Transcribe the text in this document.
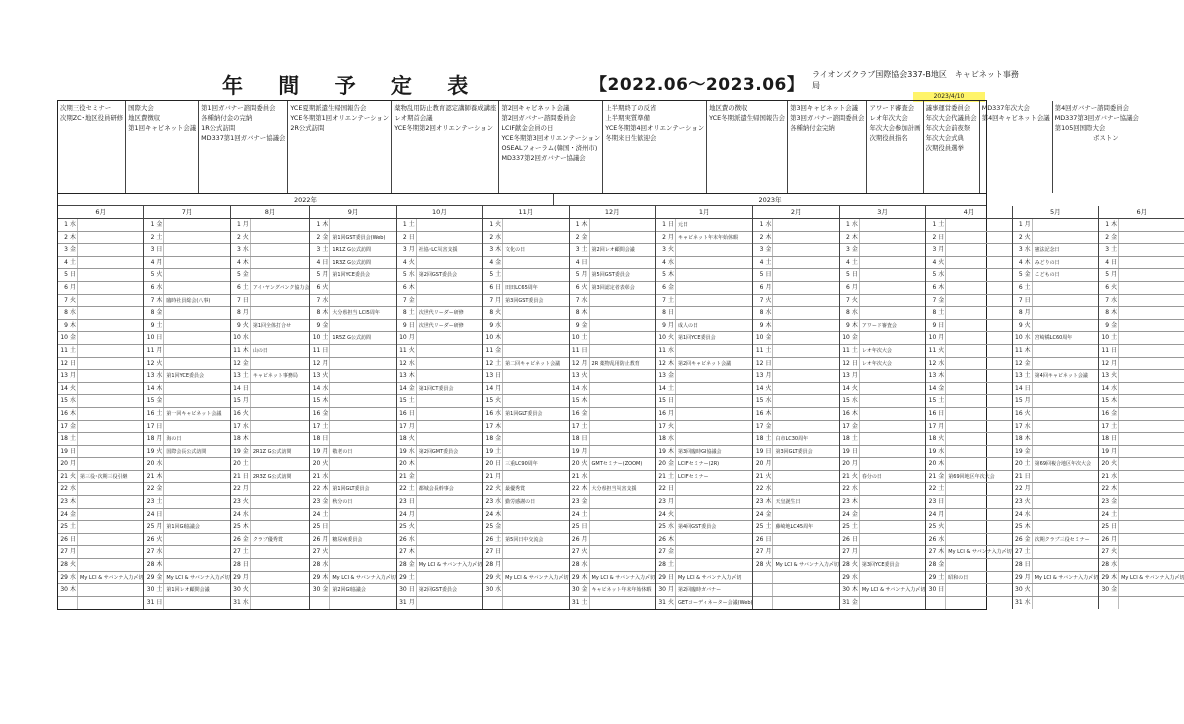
年 間 予 定 表	【2022.06～2023.06】
ライオンズクラブ国際協会337-B地区　キャビネット事務局
2023/4/10
次期三役セミナー
次期ZC･地区役員研修
国際大会
地区費徴収
第1回キャビネット会議
第1回ガバナー諮問委員会
各種納付金の完納
1R公式訪問
MD337第1回ガバナー協議会
YCE夏期派遣生帰国報告会
YCE冬期第1回オリエンテーション
2R公式訪問
薬物乱用防止教育認定講師養成講座
レオ期首会議
YCE冬期第2回オリエンテーション
第2回キャビネット会議
第2回ガバナー諮問委員会
LCIF献金会員の日
YCE冬期第3回オリエンテーション
OSEALフォーラム(韓国・済州市)
MD337第2回ガバナー協議会
上半期終了の反省
上半期実質準備
YCE冬期第4回オリエンテーション
冬期来日生歓迎会
地区費の徴収
YCE冬期派遣生帰国報告会
第3回キャビネット会議
第3回ガバナー諮問委員会
各種納付金完納
アワード審査会
レオ年次大会
年次大会参加計画
次期役員指名
議事運営委員会
年次大会代議員会
年次大会前夜祭
年次大会式典
次期役員選挙
MD337年次大会
第4回キャビネット会議
第4回ガバナー諮問委員会
MD337第3回ガバナー協議会
第105回国際大会
　　　　　　ボストン
2022年	2023年
6月
1 水
2 木
3 金
4 土
5 日
6 月
7 火
8 水
9 木
10 金
11 土
12 日
13 月
14 火
15 水
16 木
17 金
18 土
19 日
20 月
21 火 第三役･次期三役引継
22 水
23 木
24 金
25 土
26 日
27 月
28 火
29 水 My LCI & サバンナ入力〆切
30 木
7月
1 金
2 土
3 日
4 月
5 火
6 水
7 木 臨時社員総会(八事)
8 金
9 土
10 日
11 月
12 火
13 水 第1回YCE委員会
14 木
15 金
16 土 第一回キャビネット会議
17 日
18 月 海の日
19 火 国際会長公式訪問
20 水
21 木
22 金
23 土
24 日
25 月 第1回GI協議会
26 火
27 水
28 木
29 金 My LCI & サバンナ入力〆切
30 土 第1回レオ顧問会議
31 日
8月
1 月
2 火
3 水
4 木
5 金
6 土 アイ･ヤングバンク協力会
7 日
8 月
9 火 第1回全体打合せ
10 水
11 木 山の日
12 金
13 土 キャビネット事務局
14 日
15 月
16 火
17 水
18 木
19 金 2R1Z G公式訪問
20 土
21 日 2R3Z G公式訪問
22 月
23 火
24 水
25 木
26 金 クラブ優秀賞
27 土
28 日
29 月
30 火
31 水
9月
1 木
2 金 第1回GST委員会(Web)
3 土 1R1Z G公式訪問
4 日 1R3Z G公式訪問
5 月 第1回YCE委員会
6 火
7 水
8 木 大分県担当 LCI5周年
9 金
10 土 1R5Z G公式訪問
11 日
12 月
13 火
14 水
15 木
16 金
17 土
18 日
19 月 敬老の日
20 火
21 水
22 木 第1回GLT委員会
23 金 秋分の日
24 土
25 日
26 月 糖尿病委員会
27 火
28 水
29 木 My LCI & サバンナ入力〆切
30 金 第2回GI協議会
10月
1 土
2 日
3 月 社協･LC災害支援
4 火
5 水 第2回GST委員会
6 木
7 金
8 土 次世代リーダー研修
9 日 次世代リーダー研修
10 月
11 火
12 水
13 木
14 金 第1回CT委員会
15 土
16 日
17 月
18 火
19 水 第2回GMT委員会
20 木
21 金
22 土 都城会長幹事会
23 日
24 月
25 火
26 水
27 木
28 金 My LCI & サバンナ入力〆切
29 土
30 日 第2回GST委員会
31 月
11月
1 火
2 水
3 木 文化の日
4 金
5 土
6 日 田田LC65周年
7 月 第3回GST委員会
8 火
9 水
10 木
11 金
12 土 第二回キャビネット会議
13 日
14 月
15 火
16 水 第1回GLT委員会
17 木
18 金
19 土
20 日 三重LC90周年
21 月
22 火 最優秀賞
23 水 勤労感謝の日
24 木
25 金
26 土 第5回日中交流会
27 日
28 月
29 火 My LCI & サバンナ入力〆切
30 水
12月
1 木
2 金
3 土 第2回レオ顧問会議
4 日
5 月 第5回GST委員会
6 火 第3回認定者表彰会
7 水
8 木
9 金
10 土
11 日
12 月 2R 薬物乱用防止教育
13 火
14 水
15 木
16 金
17 土
18 日
19 月
20 火 GMTセミナー(ZOOM)
21 水
22 木 大分県担当災害支援
23 金
24 土
25 日
26 月
27 火
28 水
29 木 My LCI & サバンナ入力〆切
30 金 キャビネット年末年始休暇
31 土
1月
1 日 元日
2 月 キャビネット年末年始休暇
3 火
4 水
5 木
6 金
7 土
8 日
9 月 成人の日
10 火 第1回YCE委員会
11 水
12 木 第2回キャビネット会議
13 金
14 土
15 日
16 月
17 火
18 水
19 木 第3回臨時GI協議会
20 金 LCIFセミナー(2R)
21 土 LCIFセミナー
22 日
23 月
24 火
25 水 第4回GST委員会
26 木
27 金
28 土
29 日 My LCI & サバンナ入力〆切
30 月 第2回臨時ガバナー
31 火 GETコーディネーター会議(Web)
2月
1 水
2 木
3 金
4 土
5 日
6 月
7 火
8 水
9 木
10 金
11 土
12 日
13 月
14 火
15 水
16 木
17 金
18 土 白市LC30周年
19 日 第3回GLT委員会
20 月
21 火
22 水
23 木 天皇誕生日
24 金
25 土 藤崎地LC45周年
26 日
27 月
28 火 My LCI & サバンナ入力〆切
3月
1 水
2 木
3 金
4 土
5 日
6 月
7 火
8 水
9 木 アワード審査会
10 金
11 土 レオ年次大会
12 日 レオ年次大会
13 月
14 火
15 水
16 木
17 金
18 土
19 日
20 月
21 火 春分の日
22 水
23 木
24 金
25 土
26 日
27 月
28 火 第3回YCE委員会
29 水
30 木 My LCI & サバンナ入力〆切
31 金
4月
1 土
2 日
3 月
4 火
5 水
6 木
7 金
8 土
9 日
10 月
11 火
12 水
13 木
14 金
15 土
16 日
17 月
18 火
19 水
20 木
21 金 第69回地区年次大会
22 土
23 日
24 月
25 火
26 水
27 木 My LCI & サバンナ入力〆切
28 金
29 土 昭和の日
30 日
5月
1 月
2 火
3 水 憲法記念日
4 木 みどりの日
5 金 こどもの日
6 土
7 日
8 月
9 火
10 水 宮崎橘LC60周年
11 木
12 金
13 土 第4回キャビネット会議
14 日
15 月
16 火
17 水
18 木
19 金
20 土 第69回複合地区年次大会
21 日
22 月
23 火
24 水
25 木
26 金 次期クラブ三役セミナー
27 土
28 日
29 月 My LCI & サバンナ入力〆切
30 火
31 水
6月
1 木
2 金
3 土
4 日
5 月
6 火
7 水
8 木
9 金
10 土
11 日
12 月
13 火
14 水
15 木
16 金
17 土
18 日
19 月
20 火
21 水
22 木
23 金
24 土
25 日
26 月
27 火
28 水
29 木 My LCI & サバンナ入力〆切
30 金
